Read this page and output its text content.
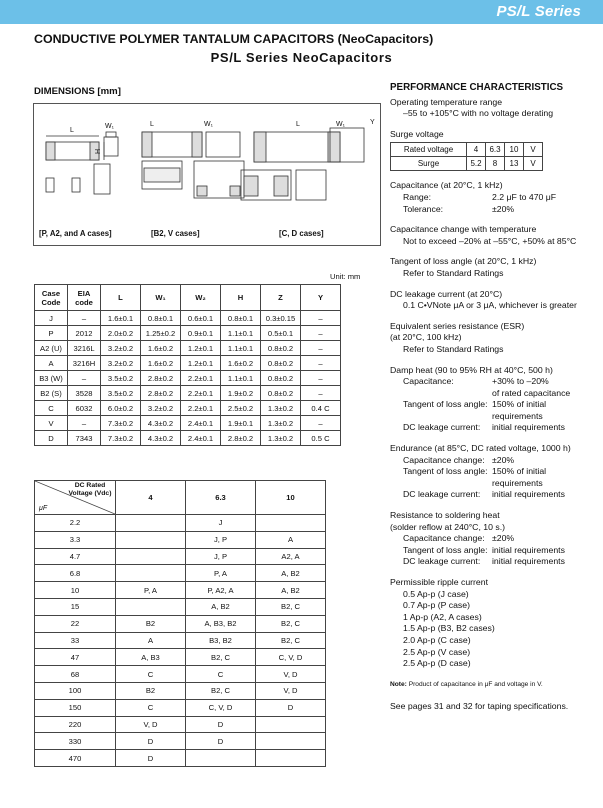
PS/L Series
CONDUCTIVE POLYMER TANTALUM CAPACITORS (NeoCapacitors)
PS/L Series NeoCapacitors
DIMENSIONS [mm]
L
W₁
H
L	W₁	L	W₁	Y
[P, A2, and A cases]	[B2, V cases]	[C, D cases]
Unit: mm
Case Code	EIA code	L	W₁	W₂	H	Z	Y
J	–	1.6±0.1	0.8±0.1	0.6±0.1	0.8±0.1	0.3±0.15	–
P	2012	2.0±0.2	1.25±0.2	0.9±0.1	1.1±0.1	0.5±0.1	–
A2 (U)	3216L	3.2±0.2	1.6±0.2	1.2±0.1	1.1±0.1	0.8±0.2	–
A	3216H	3.2±0.2	1.6±0.2	1.2±0.1	1.6±0.2	0.8±0.2	–
B3 (W)	–	3.5±0.2	2.8±0.2	2.2±0.1	1.1±0.1	0.8±0.2	–
B2 (S)	3528	3.5±0.2	2.8±0.2	2.2±0.1	1.9±0.2	0.8±0.2	–
C	6032	6.0±0.2	3.2±0.2	2.2±0.1	2.5±0.2	1.3±0.2	0.4 C
V	–	7.3±0.2	4.3±0.2	2.4±0.1	1.9±0.1	1.3±0.2	–
D	7343	7.3±0.2	4.3±0.2	2.4±0.1	2.8±0.2	1.3±0.2	0.5 C
DC Rated Voltage (Vdc)
μF	4	6.3	10
2.2		J	
3.3		J, P	A
4.7		J, P	A2, A
6.8		P, A	A, B2
10	P, A	P, A2, A	A, B2
15		A, B2	B2, C
22	B2	A, B3, B2	B2, C
33	A	B3, B2	B2, C
47	A, B3	B2, C	C, V, D
68	C	C	V, D
100	B2	B2, C	V, D
150	C	C, V, D	D
220	V, D	D	
330	D	D	
470	D		
PERFORMANCE CHARACTERISTICS

Operating temperature range

–55 to +105°C with no voltage derating

Surge voltage

Rated voltage	4	6.3	10	V
Surge	5.2	8	13	V

Capacitance (at 20°C, 1 kHz)

Range:	2.2 μF to 470 μF
Tolerance:	±20%

Capacitance change with temperature

Not to exceed –20% at –55°C, +50% at 85°C

Tangent of loss angle (at 20°C, 1 kHz)

Refer to Standard Ratings

DC leakage current (at 20°C)

0.1 C•VNote μA or 3 μA, whichever is greater

Equivalent series resistance (ESR)

(at 20°C, 100 kHz)

Refer to Standard Ratings

Damp heat (90 to 95% RH at 40°C, 500 h)

Capacitance:	+30% to –20%
of rated capacitance
Tangent of loss angle: 150% of initial
requirements
DC leakage current:	initial requirements

Endurance (at 85°C, DC rated voltage, 1000 h)

Capacitance change: ±20%
Tangent of loss angle: 150% of initial
requirements
DC leakage current:	initial requirements

Resistance to soldering heat

(solder reflow at 240°C, 10 s.)

Capacitance change: ±20%
Tangent of loss angle: initial requirements
DC leakage current:	initial requirements

Permissible ripple current

0.5 Ap-p (J case)

0.7 Ap-p (P case)

1 Ap-p (A2, A cases)

1.5 Ap-p (B3, B2 cases)

2.0 Ap-p (C case)

2.5 Ap-p (V case)

2.5 Ap-p (D case)

Note: Product of capacitance in μF and voltage in V.

See pages 31 and 32 for taping specifications.
